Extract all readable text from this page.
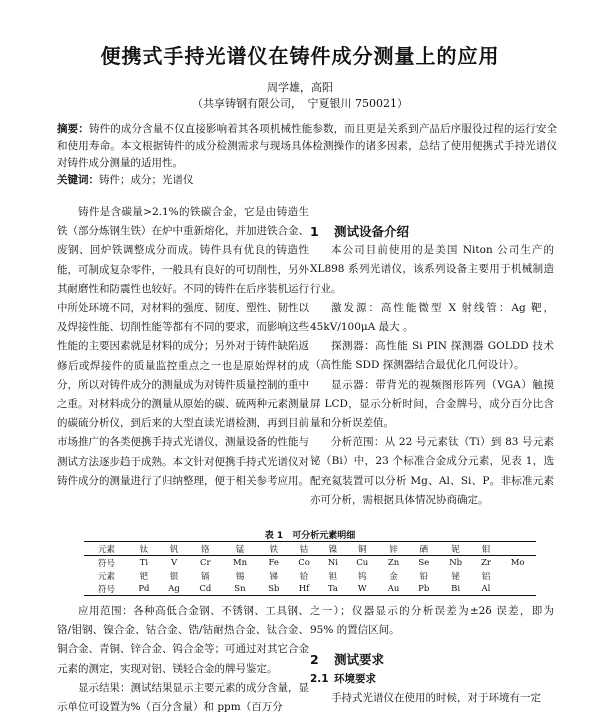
便携式手持光谱仪在铸件成分测量上的应用
周学雄，高阳
（共享铸钢有限公司，　宁夏银川 750021）
摘要：铸件的成分含量不仅直接影响着其各项机械性能参数，而且更是关系到产品后序服役过程的运行安全和使用寿命。本文根据铸件的成分检测需求与现场具体检测操作的诸多因素，总结了使用便携式手持光谱仪对铸件成分测量的适用性。
关键词：铸件；成分；光谱仪

铸件是含碳量>2.1%的铁碳合金，它是由铸造生铁（部分炼钢生铁）在炉中重新熔化，并加进铁合金、废钢、回炉铁调整成分而成。铸件具有优良的铸造性能，可制成复杂零件，一般具有良好的可切削性，另外其耐磨性和防震性也较好。不同的铸件在后序装机运行中所处环境不同，对材料的强度、韧度、塑性、韧性以及焊接性能、切削性能等都有不同的要求，而影响这些性能的主要因素就是材料的成分；另外对于铸件缺陷返修后或焊接件的质量监控重点之一也是原始焊材的成分，所以对铸件成分的测量成为对铸件质量控制的重中之重。对材料成分的测量从原始的碳、硫两种元素测量的碳硫分析仪，到后来的大型直读光谱检测，再到目前市场推广的各类便携手持式光谱仪，测量设备的性能与测试方法逐步趋于成熟。本文针对便携手持式光谱仪对铸件成分的测量进行了归纳整理，便于相关参考应用。

1 测试设备介绍

本公司目前使用的是美国 Niton 公司生产的 XL898 系列光谱仪，该系列设备主要用于机械制造行业。

激发源：高性能微型 X 射线管：Ag 靶，45kV/100μA 最大 。

探测器：高性能 Si PIN 探测器 GOLDD 技术（高性能 SDD 探测器结合最优化几何设计）。

显示器：带背光的视频图形阵列（VGA）触摸屏 LCD，显示分析时间，合金牌号，成分百分比含量和分析误差值。

分析范围：从 22 号元素钛（Ti）到 83 号元素铋（Bi）中，23 个标准合金成分元素，见表 1，选配充氦装置可以分析 Mg、Al、Si、P。非标准元素亦可分析，需根据具体情况协商确定。

表 1　可分析元素明细
元素	钛	钒	铬	锰	铁	钴	镍	铜	锌	硒	铌	钼	
符号	Ti	V	Cr	Mn	Fe	Co	Ni	Cu	Zn	Se	Nb	Zr	Mo
元素	钯	银	镉	锡	锑	铪	钽	钨	金	铅	铋	铝	
符号	Pd	Ag	Cd	Sn	Sb	Hf	Ta	W	Au	Pb	Bi	Al	

应用范围：各种高低合金钢、不锈钢、工具钢、铬/钼钢、镍合金、钴合金、锆/钴耐热合金、钛合金、铜合金、青铜、锌合金、钨合金等；可通过对其它合金元素的测定，实现对铝、镁轻合金的牌号鉴定。

显示结果：测试结果显示主要元素的成分含量，显示单位可设置为%（百分含量）和 ppm（百万分

之一）；仪器显示的分析误差为±2δ 误差，即为 95% 的置信区间。

2 测试要求

2.1 环境要求

手持式光谱仪在使用的时候，对于环境有一定
